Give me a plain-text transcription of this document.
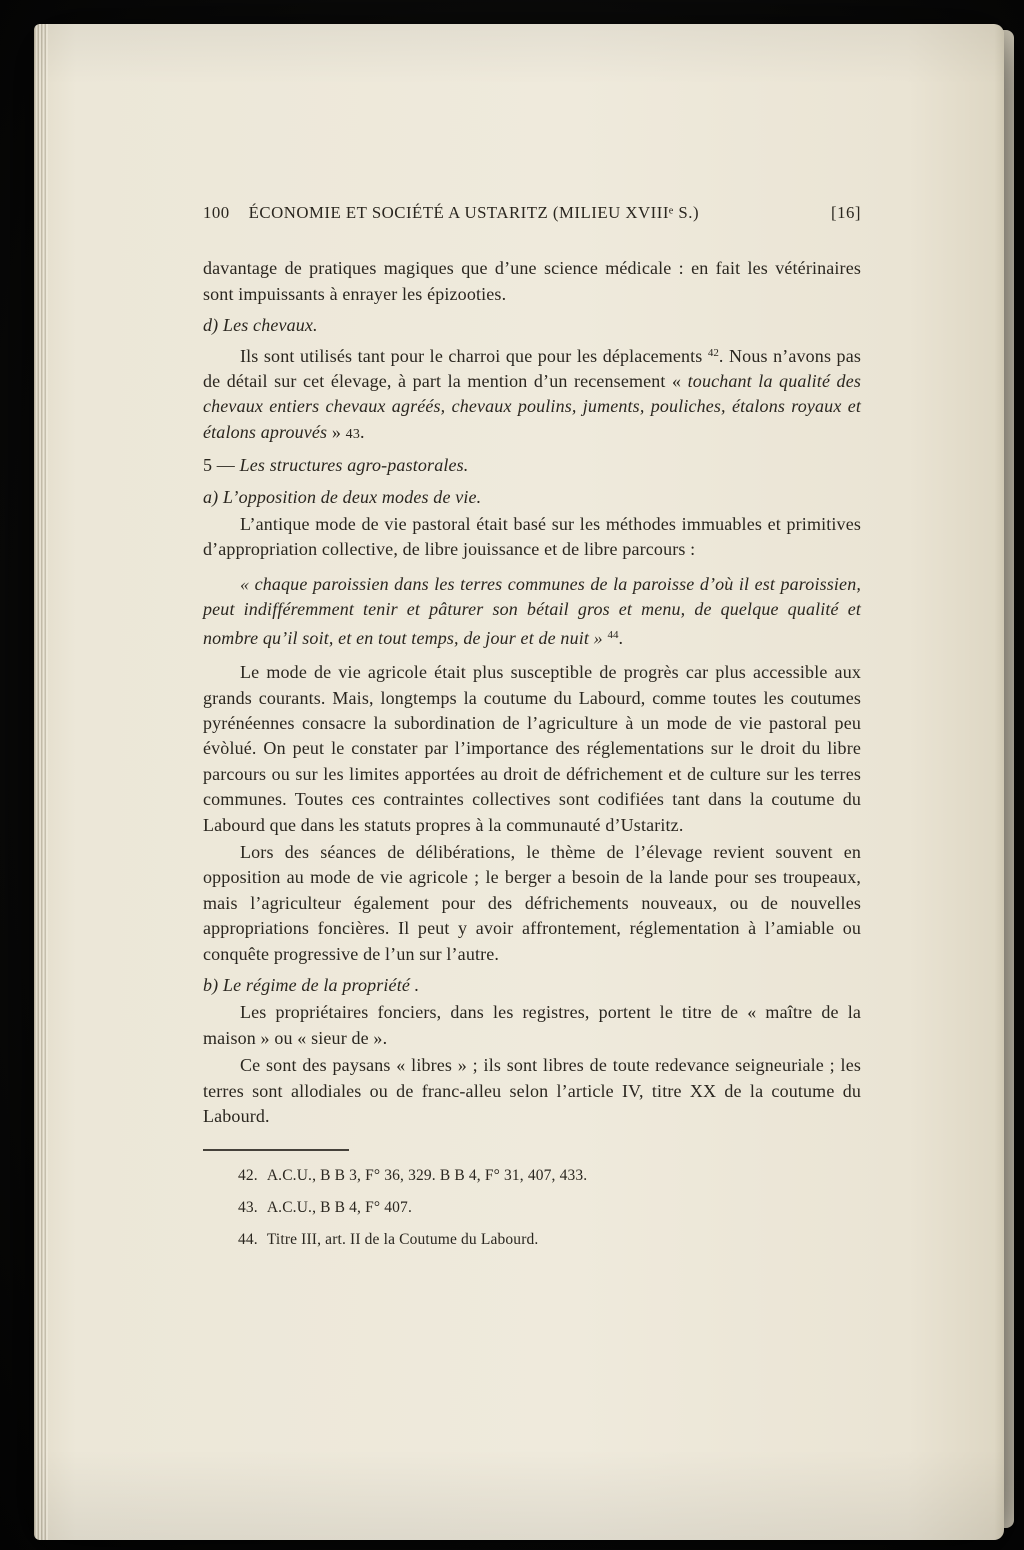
100	ÉCONOMIE ET SOCIÉTÉ A USTARITZ (MILIEU XVIIIᵉ S.)	[16]

davantage de pratiques magiques que d’une science médicale : en fait les vétérinaires sont impuissants à enrayer les épizooties.

d) Les chevaux.

Ils sont utilisés tant pour le charroi que pour les déplacements $^{42}$. Nous n’avons pas de détail sur cet élevage, à part la mention d’un recensement « touchant la qualité des chevaux entiers chevaux agréés, chevaux poulins, juments, pouliches, étalons royaux et étalons aprouvés » 43.

5 — Les structures agro-pastorales.

a) L’opposition de deux modes de vie.

L’antique mode de vie pastoral était basé sur les méthodes immuables et primitives d’appropriation collective, de libre jouissance et de libre parcours :

« chaque paroissien dans les terres communes de la paroisse d’où il est paroissien, peut indifféremment tenir et pâturer son bétail gros et menu, de quelque qualité et nombre qu’il soit, et en tout temps, de jour et de nuit » $^{44}$.

Le mode de vie agricole était plus susceptible de progrès car plus accessible aux grands courants. Mais, longtemps la coutume du Labourd, comme toutes les coutumes pyrénéennes consacre la subordination de l’agriculture à un mode de vie pastoral peu évòlué. On peut le constater par l’importance des réglementations sur le droit du libre parcours ou sur les limites apportées au droit de défrichement et de culture sur les terres communes. Toutes ces contraintes collectives sont codifiées tant dans la coutume du Labourd que dans les statuts propres à la communauté d’Ustaritz.

Lors des séances de délibérations, le thème de l’élevage revient souvent en opposition au mode de vie agricole ; le berger a besoin de la lande pour ses troupeaux, mais l’agriculteur également pour des défrichements nouveaux, ou de nouvelles appropriations foncières. Il peut y avoir affrontement, réglementation à l’amiable ou conquête progressive de l’un sur l’autre.

b) Le régime de la propriété .

Les propriétaires fonciers, dans les registres, portent le titre de « maître de la maison » ou « sieur de ».

Ce sont des paysans « libres » ; ils sont libres de toute redevance seigneuriale ; les terres sont allodiales ou de franc-alleu selon l’article IV, titre XX de la coutume du Labourd.

42. A.C.U., B B 3, F° 36, 329. B B 4, F° 31, 407, 433.
43. A.C.U., B B 4, F° 407.
44. Titre III, art. II de la Coutume du Labourd.
